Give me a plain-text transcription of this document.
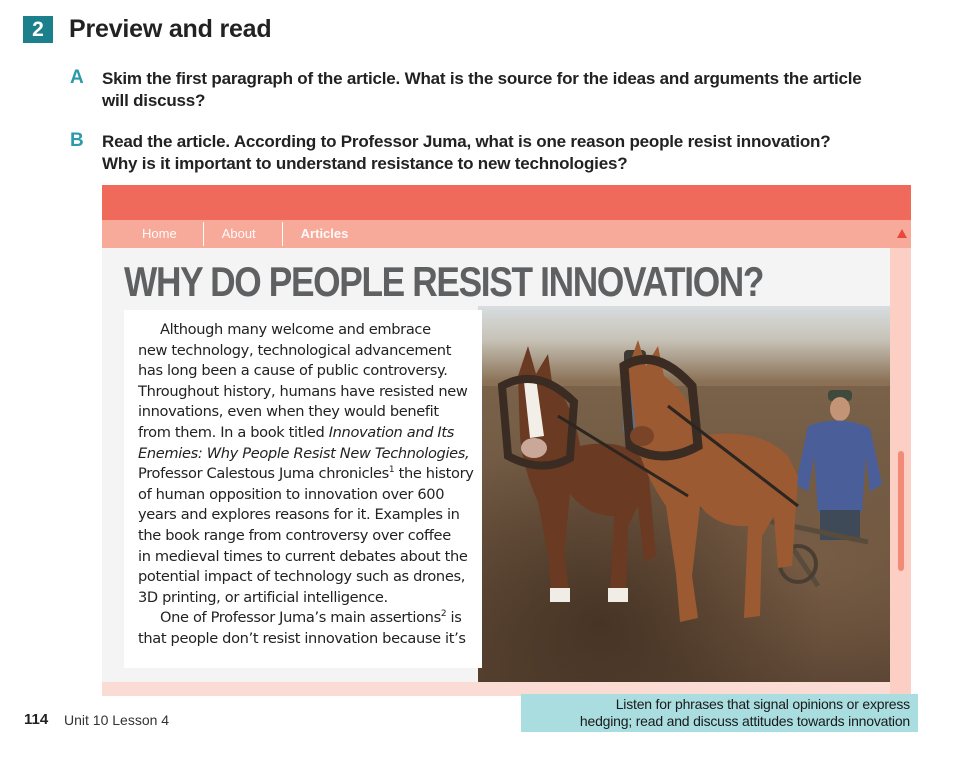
2	Preview and read
A Skim the first paragraph of the article. What is the source for the ideas and arguments the article
will discuss?
B Read the article. According to Professor Juma, what is one reason people resist innovation?
Why is it important to understand resistance to new technologies?
Home	About	Articles
WHY DO PEOPLE RESIST INNOVATION?

Although many welcome and embrace
new technology, technological advancement
has long been a cause of public controversy.
Throughout history, humans have resisted new
innovations, even when they would benefit
from them. In a book titled Innovation and Its
Enemies: Why People Resist New Technologies,
Professor Calestous Juma chronicles$^1$ the history
of human opposition to innovation over 600
years and explores reasons for it. Examples in
the book range from controversy over coffee
in medieval times to current debates about the
potential impact of technology such as drones,
3D printing, or artificial intelligence.
One of Professor Juma’s main assertions$^2$ is
that people don’t resist innovation because it’s

114 Unit 10 Lesson 4
Listen for phrases that signal opinions or express
hedging; read and discuss attitudes towards innovation
